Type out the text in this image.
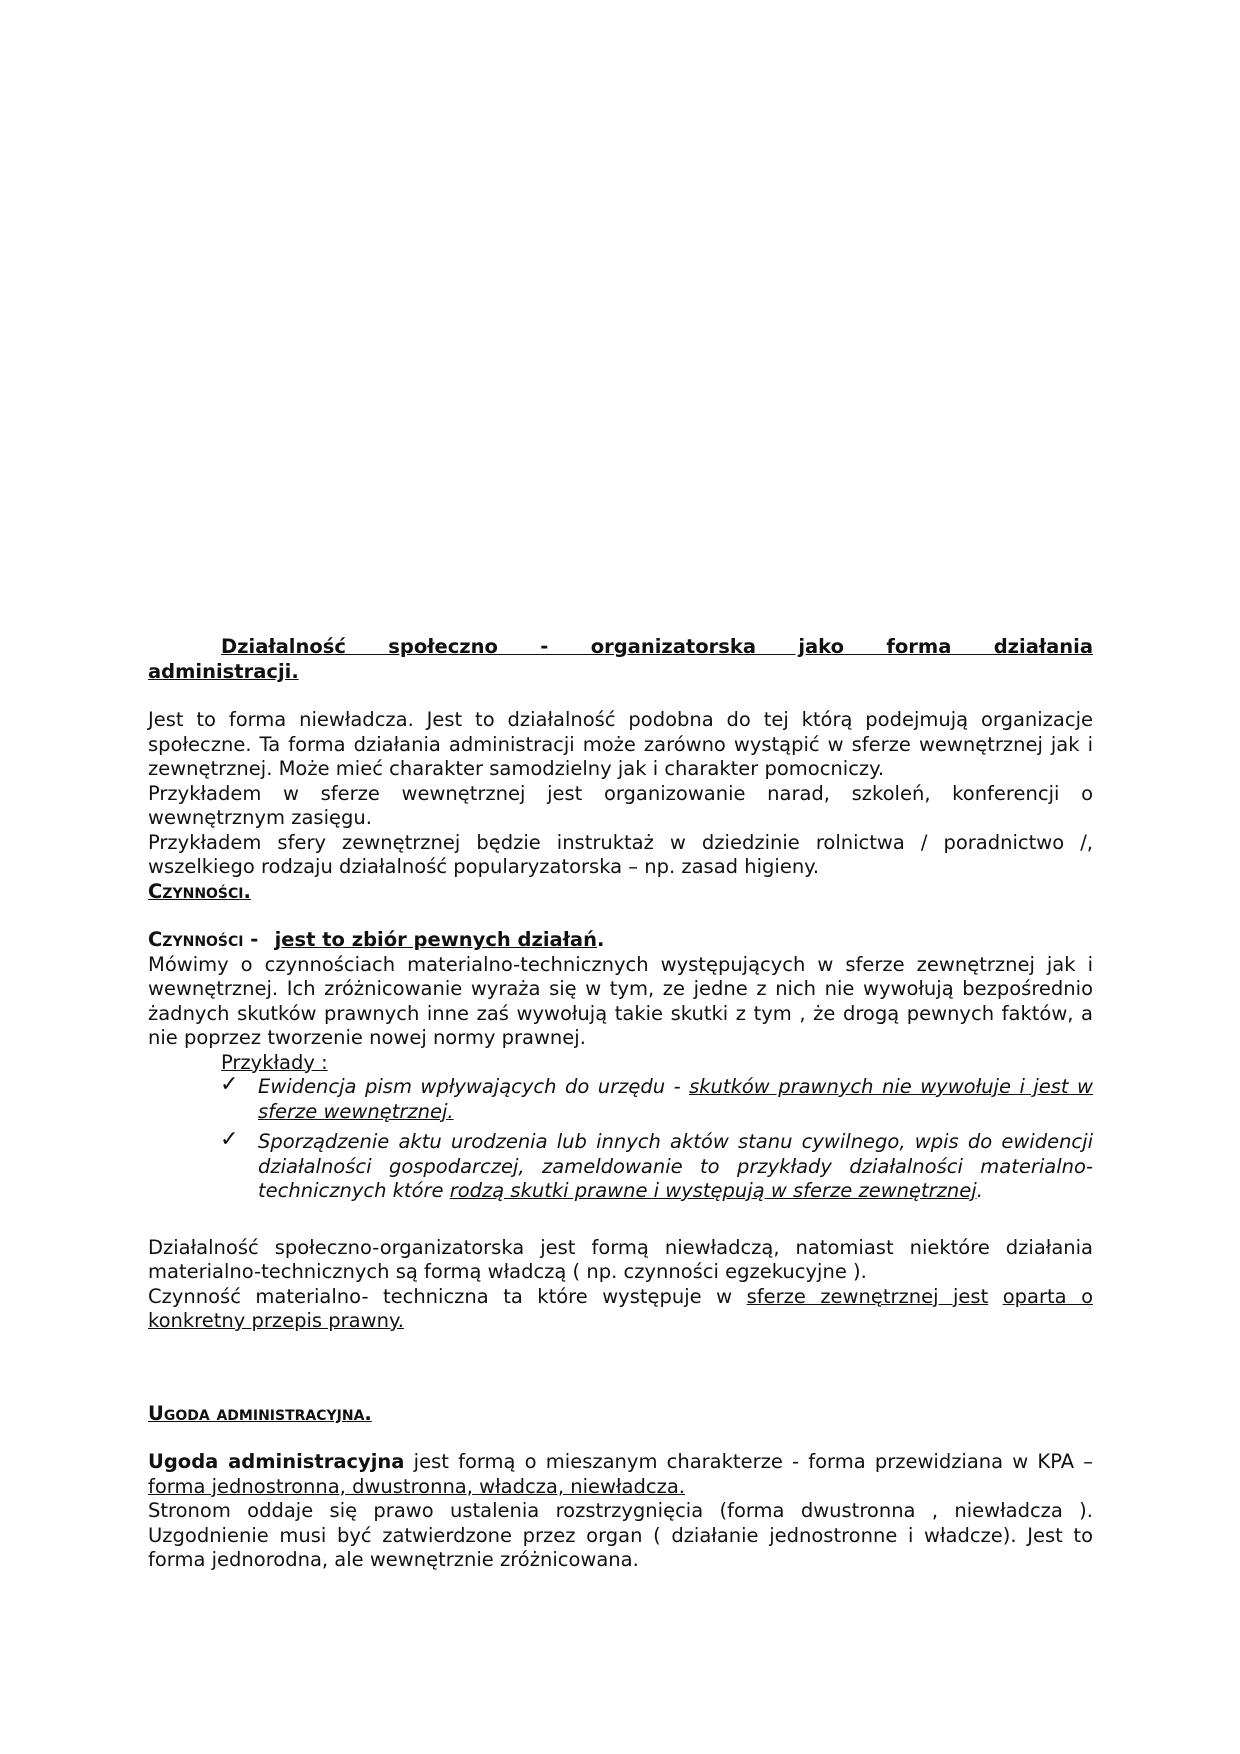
Działalność społeczno - organizatorska jako forma działania
administracji.

Jest to forma niewładcza. Jest to działalność podobna do tej którą podejmują organizacje społeczne. Ta forma działania administracji może zarówno wystąpić w sferze wewnętrznej jak i zewnętrznej. Może mieć charakter samodzielny jak i charakter pomocniczy.
Przykładem w sferze wewnętrznej jest organizowanie narad, szkoleń, konferencji o wewnętrznym zasięgu.
Przykładem sfery zewnętrznej będzie instruktaż w dziedzinie rolnictwa / poradnictwo /, wszelkiego rodzaju działalność popularyzatorska – np. zasad higieny.

Czynności.

Czynności - jest to zbiór pewnych działań.
Mówimy o czynnościach materialno-technicznych występujących w sferze zewnętrznej jak i wewnętrznej. Ich zróżnicowanie wyraża się w tym, ze jedne z nich nie wywołują bezpośrednio żadnych skutków prawnych inne zaś wywołują takie skutki z tym , że drogą pewnych faktów, a nie poprzez tworzenie nowej normy prawnej.

Przykłady :

✓ Ewidencja pism wpływających do urzędu - skutków prawnych nie wywołuje i jest w sferze wewnętrznej.
✓ Sporządzenie aktu urodzenia lub innych aktów stanu cywilnego, wpis do ewidencji działalności gospodarczej, zameldowanie to przykłady działalności materialno-technicznych które rodzą skutki prawne i występują w sferze zewnętrznej.

Działalność społeczno-organizatorska jest formą niewładczą, natomiast niektóre działania materialno-technicznych są formą władczą ( np. czynności egzekucyjne ).
Czynność materialno- techniczna ta które występuje w sferze zewnętrznej jest oparta o konkretny przepis prawny.

Ugoda administracyjna.

Ugoda administracyjna jest formą o mieszanym charakterze - forma przewidziana w KPA –forma jednostronna, dwustronna, władcza, niewładcza.
Stronom oddaje się prawo ustalenia rozstrzygnięcia (forma dwustronna , niewładcza ). Uzgodnienie musi być zatwierdzone przez organ ( działanie jednostronne i władcze). Jest to forma jednorodna, ale wewnętrznie zróżnicowana.
